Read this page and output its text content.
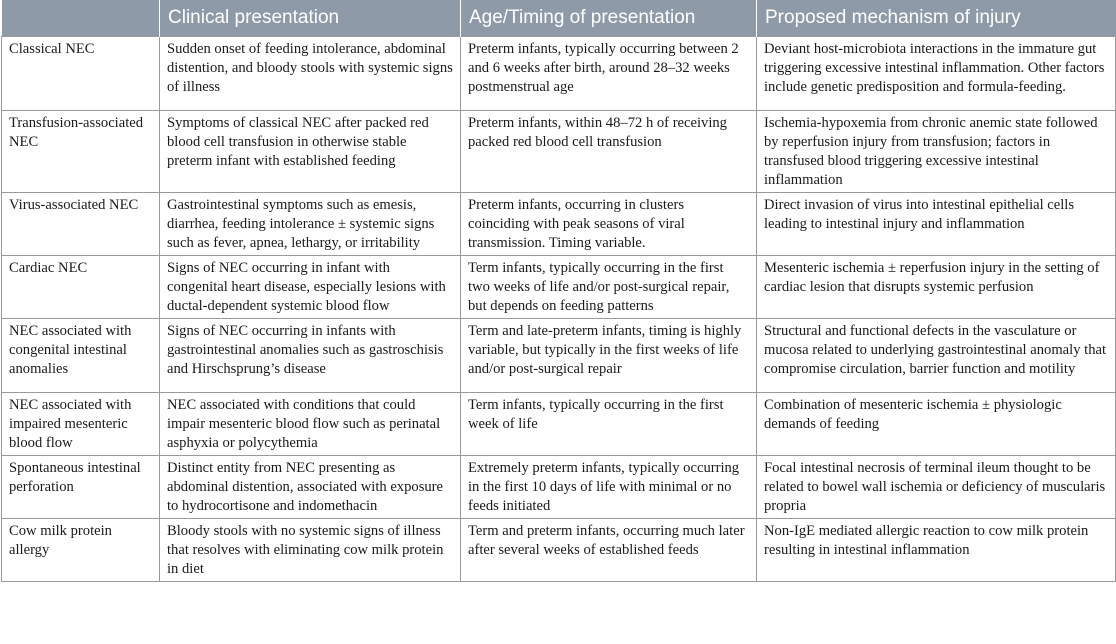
	Clinical presentation	Age/Timing of presentation	Proposed mechanism of injury
Classical NEC	Sudden onset of feeding intolerance, abdominal distention, and bloody stools with systemic signs of illness	Preterm infants, typically occurring between 2 and 6 weeks after birth, around 28–32 weeks postmenstrual age	Deviant host-microbiota interactions in the immature gut triggering excessive intestinal inflammation. Other factors include genetic predisposition and formula-feeding.
Transfusion-associated NEC	Symptoms of classical NEC after packed red blood cell transfusion in otherwise stable preterm infant with established feeding	Preterm infants, within 48–72 h of receiving packed red blood cell transfusion	Ischemia-hypoxemia from chronic anemic state followed by reperfusion injury from transfusion; factors in transfused blood triggering excessive intestinal inflammation
Virus-associated NEC	Gastrointestinal symptoms such as emesis, diarrhea, feeding intolerance ± systemic signs such as fever, apnea, lethargy, or irritability	Preterm infants, occurring in clusters coinciding with peak seasons of viral transmission. Timing variable.	Direct invasion of virus into intestinal epithelial cells leading to intestinal injury and inflammation
Cardiac NEC	Signs of NEC occurring in infant with congenital heart disease, especially lesions with ductal-dependent systemic blood flow	Term infants, typically occurring in the first two weeks of life and/or post-surgical repair, but depends on feeding patterns	Mesenteric ischemia ± reperfusion injury in the setting of cardiac lesion that disrupts systemic perfusion
NEC associated with congenital intestinal anomalies	Signs of NEC occurring in infants with gastrointestinal anomalies such as gastroschisis and Hirschsprung’s disease	Term and late-preterm infants, timing is highly variable, but typically in the first weeks of life and/or post-surgical repair	Structural and functional defects in the vasculature or mucosa related to underlying gastrointestinal anomaly that compromise circulation, barrier function and motility
NEC associated with impaired mesenteric blood flow	NEC associated with conditions that could impair mesenteric blood flow such as perinatal asphyxia or polycythemia	Term infants, typically occurring in the first week of life	Combination of mesenteric ischemia ± physiologic demands of feeding
Spontaneous intestinal perforation	Distinct entity from NEC presenting as abdominal distention, associated with exposure to hydrocortisone and indomethacin	Extremely preterm infants, typically occurring in the first 10 days of life with minimal or no feeds initiated	Focal intestinal necrosis of terminal ileum thought to be related to bowel wall ischemia or deficiency of muscularis propria
Cow milk protein allergy	Bloody stools with no systemic signs of illness that resolves with eliminating cow milk protein in diet	Term and preterm infants, occurring much later after several weeks of established feeds	Non-IgE mediated allergic reaction to cow milk protein resulting in intestinal inflammation
